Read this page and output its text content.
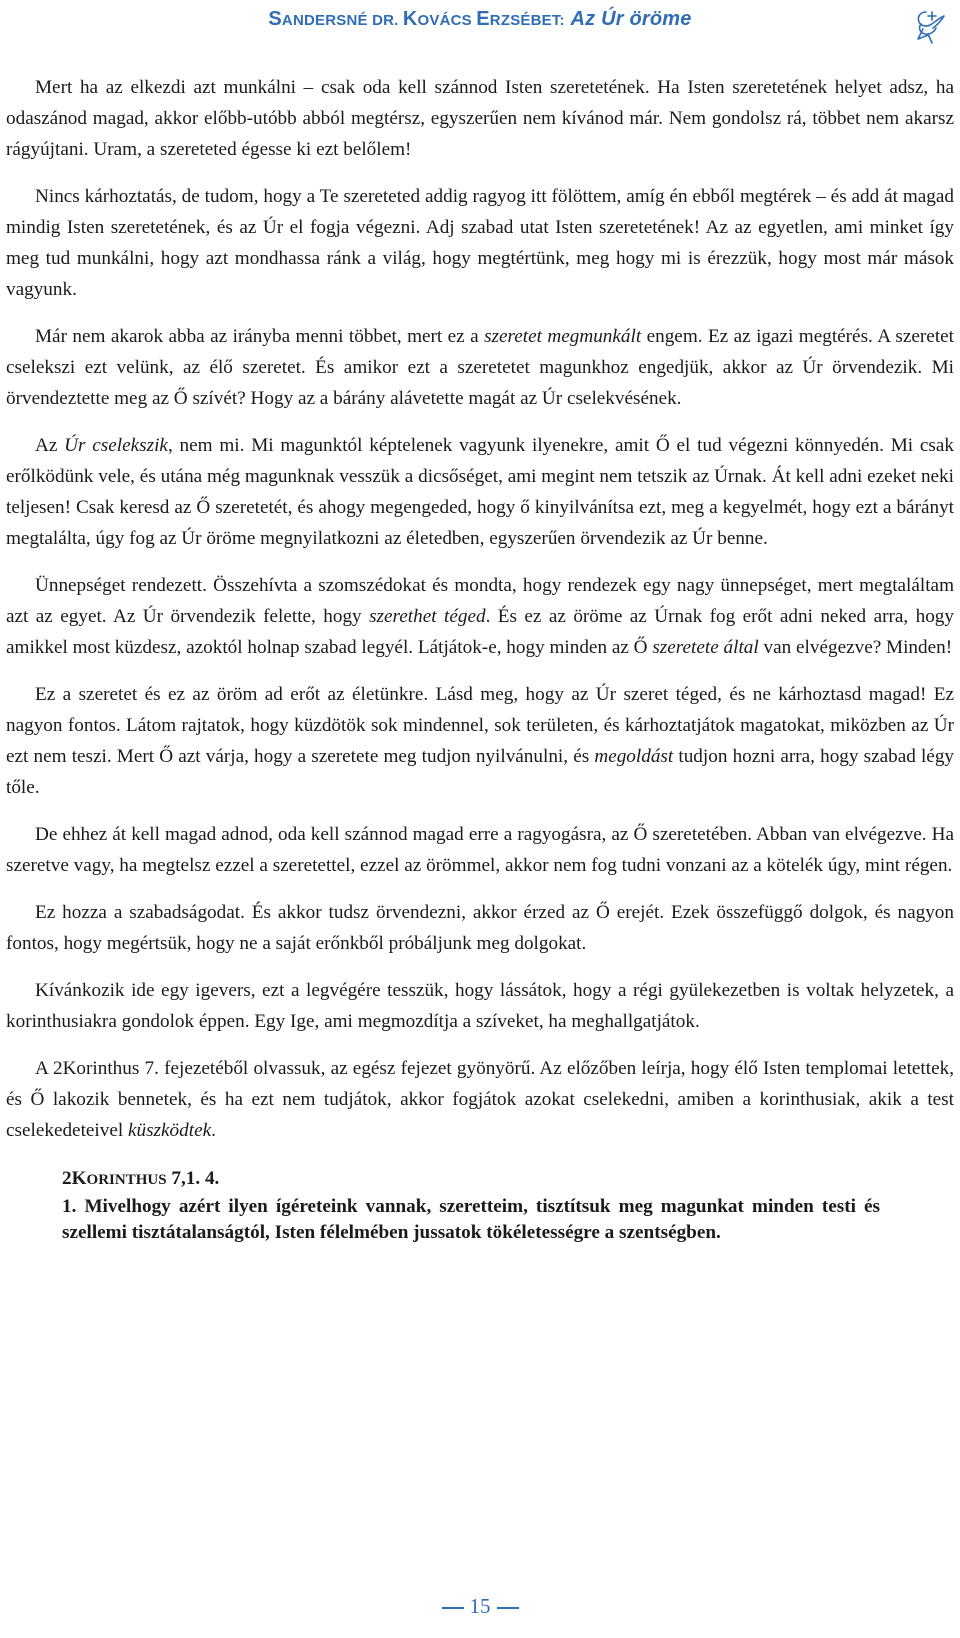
SANDERSNÉ DR. KOVÁCS ERZSÉBET: Az Úr öröme

Mert ha az elkezdi azt munkálni – csak oda kell szánnod Isten szeretetének. Ha Isten szeretetének helyet adsz, ha odaszánod magad, akkor előbb-utóbb abból megtérsz, egyszerűen nem kívánod már. Nem gondolsz rá, többet nem akarsz rágyújtani. Uram, a szereteted égesse ki ezt belőlem!

Nincs kárhoztatás, de tudom, hogy a Te szereteted addig ragyog itt fölöttem, amíg én ebből megtérek – és add át magad mindig Isten szeretetének, és az Úr el fogja végezni. Adj szabad utat Isten szeretetének! Az az egyetlen, ami minket így meg tud munkálni, hogy azt mondhassa ránk a világ, hogy megtértünk, meg hogy mi is érezzük, hogy most már mások vagyunk.

Már nem akarok abba az irányba menni többet, mert ez a szeretet megmunkált engem. Ez az igazi megtérés. A szeretet cselekszi ezt velünk, az élő szeretet. És amikor ezt a szeretetet magunkhoz engedjük, akkor az Úr örvendezik. Mi örvendeztette meg az Ő szívét? Hogy az a bárány alávetette magát az Úr cselekvésének.

Az Úr cselekszik, nem mi. Mi magunktól képtelenek vagyunk ilyenekre, amit Ő el tud végezni könnyedén. Mi csak erőlködünk vele, és utána még magunknak vesszük a dicsőséget, ami megint nem tetszik az Úrnak. Át kell adni ezeket neki teljesen! Csak keresd az Ő szeretetét, és ahogy megengeded, hogy ő kinyilvánítsa ezt, meg a kegyelmét, hogy ezt a bárányt megtalálta, úgy fog az Úr öröme megnyilatkozni az életedben, egyszerűen örvendezik az Úr benne.

Ünnepséget rendezett. Összehívta a szomszédokat és mondta, hogy rendezek egy nagy ünnepséget, mert megtaláltam azt az egyet. Az Úr örvendezik felette, hogy szerethet téged. És ez az öröme az Úrnak fog erőt adni neked arra, hogy amikkel most küzdesz, azoktól holnap szabad legyél. Látjátok-e, hogy minden az Ő szeretete által van elvégezve? Minden!

Ez a szeretet és ez az öröm ad erőt az életünkre. Lásd meg, hogy az Úr szeret téged, és ne kárhoztasd magad! Ez nagyon fontos. Látom rajtatok, hogy küzdötök sok mindennel, sok területen, és kárhoztatjátok magatokat, miközben az Úr ezt nem teszi. Mert Ő azt várja, hogy a szeretete meg tudjon nyilvánulni, és megoldást tudjon hozni arra, hogy szabad légy tőle.

De ehhez át kell magad adnod, oda kell szánnod magad erre a ragyogásra, az Ő szeretetében. Abban van elvégezve. Ha szeretve vagy, ha megtelsz ezzel a szeretettel, ezzel az örömmel, akkor nem fog tudni vonzani az a kötelék úgy, mint régen.

Ez hozza a szabadságodat. És akkor tudsz örvendezni, akkor érzed az Ő erejét. Ezek összefüggő dolgok, és nagyon fontos, hogy megértsük, hogy ne a saját erőnkből próbáljunk meg dolgokat.

Kívánkozik ide egy igevers, ezt a legvégére tesszük, hogy lássátok, hogy a régi gyülekezetben is voltak helyzetek, a korinthusiakra gondolok éppen. Egy Ige, ami megmozdítja a szíveket, ha meghallgatjátok.

A 2Korinthus 7. fejezetéből olvassuk, az egész fejezet gyönyörű. Az előzőben leírja, hogy élő Isten templomai letettek, és Ő lakozik bennetek, és ha ezt nem tudjátok, akkor fogjátok azokat cselekedni, amiben a korinthusiak, akik a test cselekedeteivel küszködtek.

2KORINTHUS 7,1. 4.
1. Mivelhogy azért ilyen ígéreteink vannak, szeretteim, tisztítsuk meg magunkat minden testi és szellemi tisztátalanságtól, Isten félelmében jussatok tökéletességre a szentségben.
15
